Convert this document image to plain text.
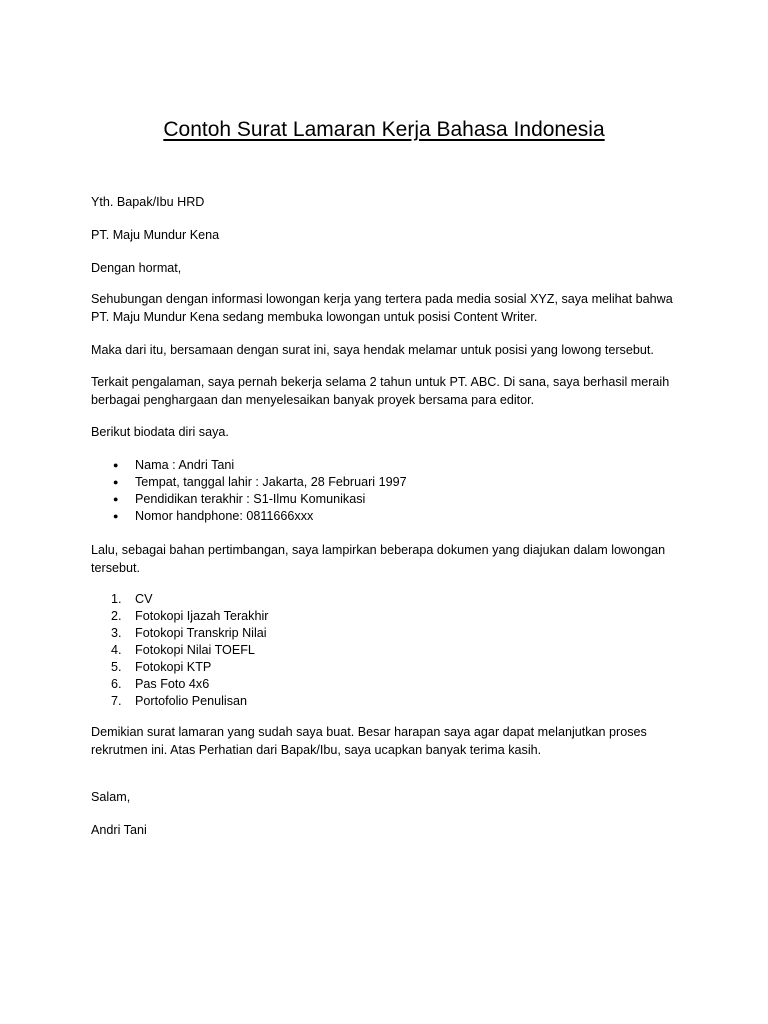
Contoh Surat Lamaran Kerja Bahasa Indonesia

Yth. Bapak/Ibu HRD

PT. Maju Mundur Kena

Dengan hormat,

Sehubungan dengan informasi lowongan kerja yang tertera pada media sosial XYZ, saya melihat bahwa
PT. Maju Mundur Kena sedang membuka lowongan untuk posisi Content Writer.

Maka dari itu, bersamaan dengan surat ini, saya hendak melamar untuk posisi yang lowong tersebut.

Terkait pengalaman, saya pernah bekerja selama 2 tahun untuk PT. ABC. Di sana, saya berhasil meraih
berbagai penghargaan dan menyelesaikan banyak proyek bersama para editor.

Berikut biodata diri saya.

● Nama : Andri Tani
● Tempat, tanggal lahir : Jakarta, 28 Februari 1997
● Pendidikan terakhir : S1-Ilmu Komunikasi
● Nomor handphone: 0811666xxx
Lalu, sebagai bahan pertimbangan, saya lampirkan beberapa dokumen yang diajukan dalam lowongan
tersebut.
1. CV
2. Fotokopi Ijazah Terakhir
3. Fotokopi Transkrip Nilai
4. Fotokopi Nilai TOEFL
5. Fotokopi KTP
6. Pas Foto 4x6
7. Portofolio Penulisan
Demikian surat lamaran yang sudah saya buat. Besar harapan saya agar dapat melanjutkan proses
rekrutmen ini. Atas Perhatian dari Bapak/Ibu, saya ucapkan banyak terima kasih.

Salam,

Andri Tani
